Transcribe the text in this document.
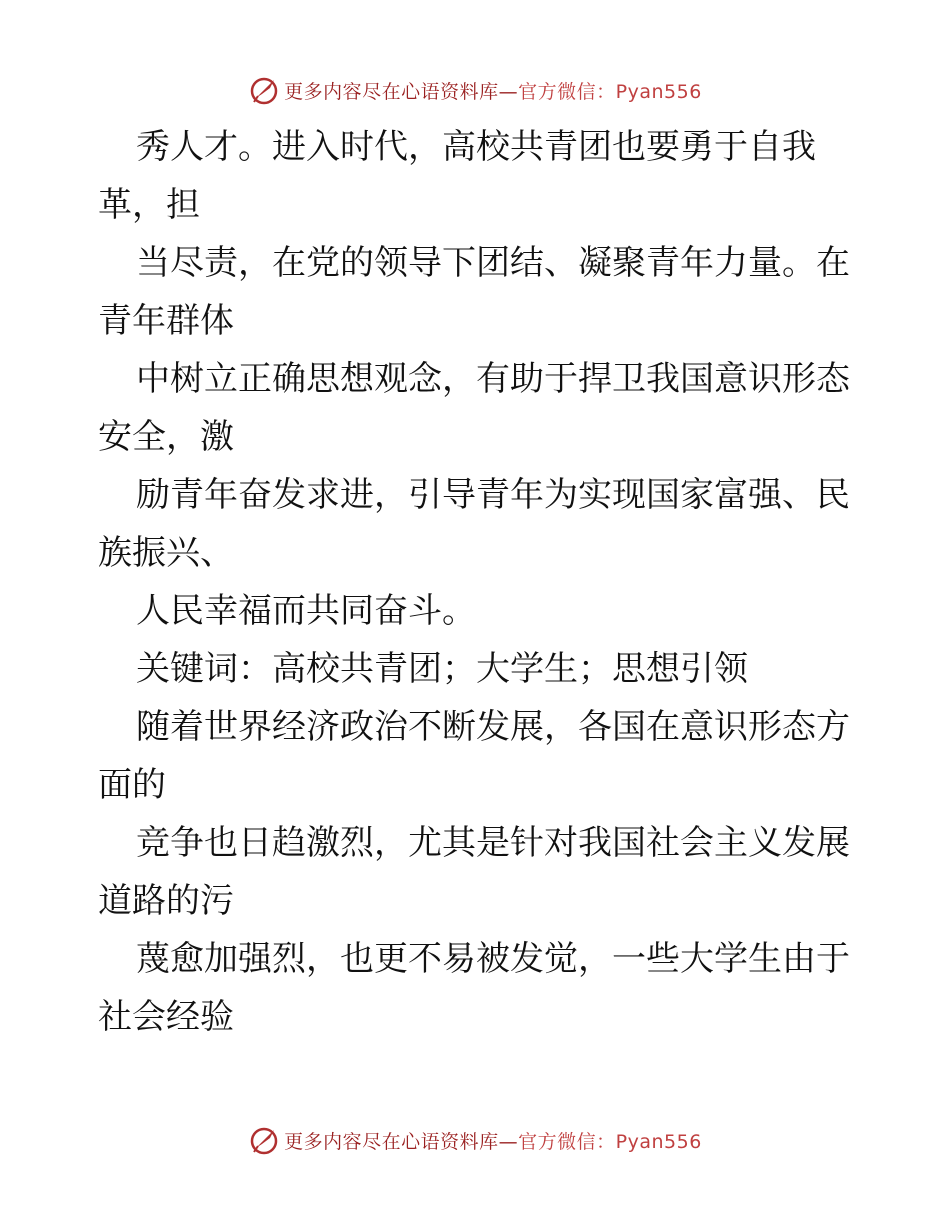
更多内容尽在心语资料库—官方微信：Pyan556
秀人才。进入时代，高校共青团也要勇于自我
革，担
当尽责，在党的领导下团结、凝聚青年力量。在
青年群体
中树立正确思想观念，有助于捍卫我国意识形态
安全，激
励青年奋发求进，引导青年为实现国家富强、民
族振兴、
人民幸福而共同奋斗。
关键词：高校共青团；大学生；思想引领
随着世界经济政治不断发展，各国在意识形态方
面的
竞争也日趋激烈，尤其是针对我国社会主义发展
道路的污
蔑愈加强烈，也更不易被发觉，一些大学生由于
社会经验
更多内容尽在心语资料库—官方微信：Pyan556
